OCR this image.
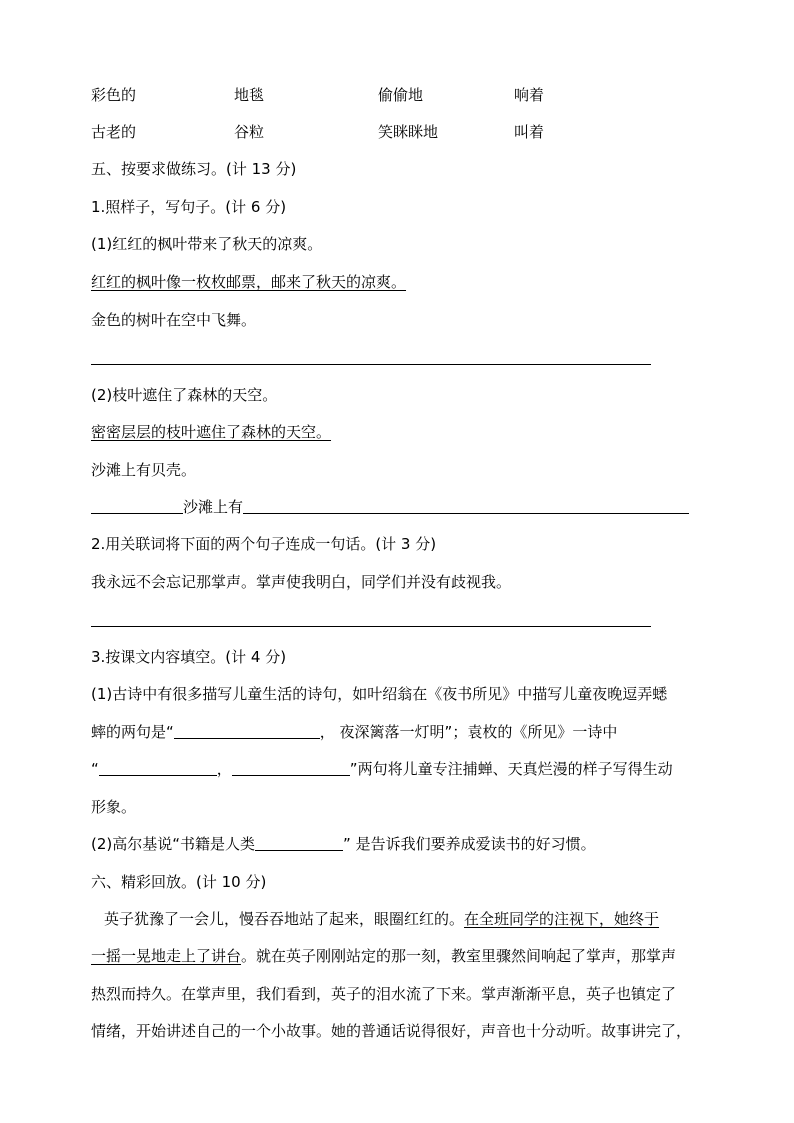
彩色的	地毯	偷偷地	响着
古老的	谷粒	笑眯眯地	叫着
五、按要求做练习。(计 13 分)
1.照样子，写句子。(计 6 分)
(1)红红的枫叶带来了秋天的凉爽。
红红的枫叶像一枚枚邮票，邮来了秋天的凉爽。
金色的树叶在空中飞舞。
(2)枝叶遮住了森林的天空。
密密层层的枝叶遮住了森林的天空。
沙滩上有贝壳。
沙滩上有
2.用关联词将下面的两个句子连成一句话。(计 3 分)
我永远不会忘记那掌声。掌声使我明白，同学们并没有歧视我。
3.按课文内容填空。(计 4 分)
(1)古诗中有很多描写儿童生活的诗句，如叶绍翁在《夜书所见》中描写儿童夜晚逗弄蟋
蟀的两句是“	， 夜深篱落一灯明”；袁枚的《所见》一诗中
“	，	”两句将儿童专注捕蝉、天真烂漫的样子写得生动
形象。
(2)高尔基说“书籍是人类	” 是告诉我们要养成爱读书的好习惯。
六、精彩回放。(计 10 分)
英子犹豫了一会儿，慢吞吞地站了起来，眼圈红红的。在全班同学的注视下，她终于
一摇一晃地走上了讲台。就在英子刚刚站定的那一刻，教室里骤然间响起了掌声，那掌声
热烈而持久。在掌声里，我们看到，英子的泪水流了下来。掌声渐渐平息，英子也镇定了
情绪，开始讲述自己的一个小故事。她的普通话说得很好，声音也十分动听。故事讲完了，
